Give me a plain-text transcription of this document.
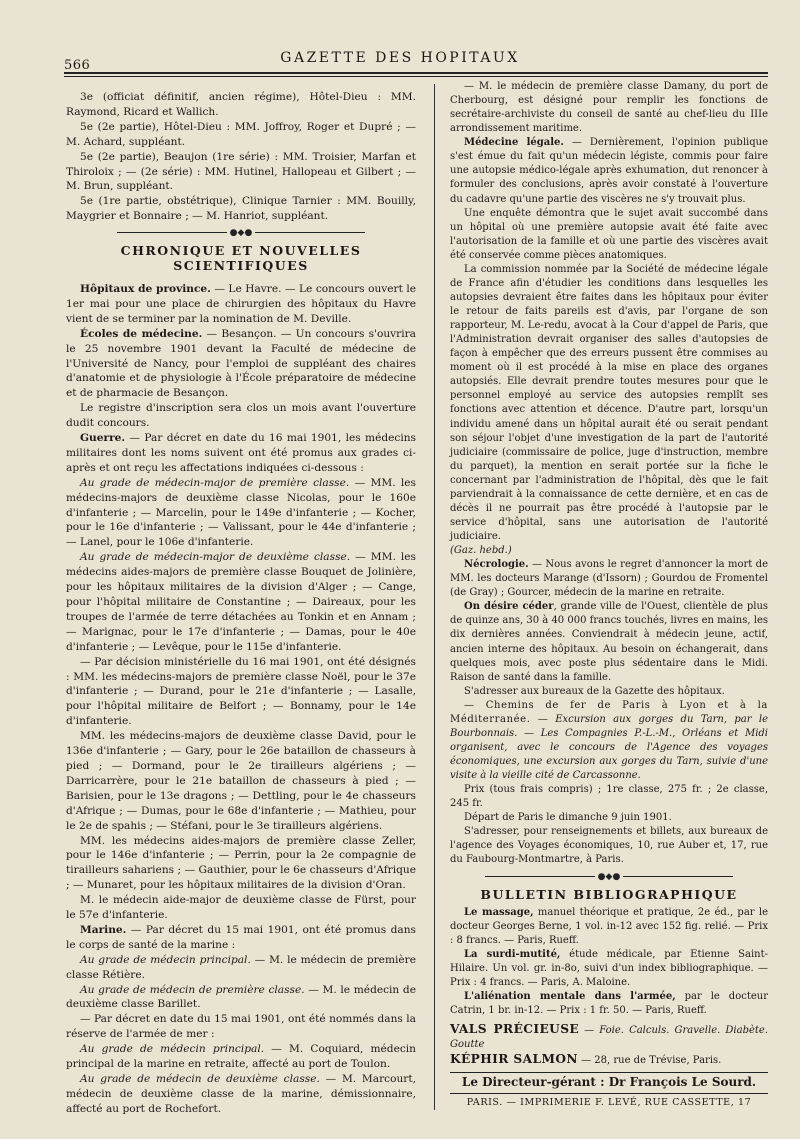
566	GAZETTE DES HOPITAUX

3e (officiat définitif, ancien régime), Hôtel-Dieu : MM. Raymond, Ricard et Wallich.

5e (2e partie), Hôtel-Dieu : MM. Joffroy, Roger et Dupré ; — M. Achard, suppléant.

5e (2e partie), Beaujon (1re série) : MM. Troisier, Marfan et Thiroloix ; — (2e série) : MM. Hutinel, Hallopeau et Gilbert ; — M. Brun, suppléant.

5e (1re partie, obstétrique), Clinique Tarnier : MM. Bouilly, Maygrier et Bonnaire ; — M. Hanriot, suppléant.

●◆●

CHRONIQUE ET NOUVELLES SCIENTIFIQUES

Hôpitaux de province. — Le Havre. — Le concours ouvert le 1er mai pour une place de chirurgien des hôpitaux du Havre vient de se terminer par la nomination de M. Deville.

Écoles de médecine. — Besançon. — Un concours s'ouvrira le 25 novembre 1901 devant la Faculté de médecine de l'Université de Nancy, pour l'emploi de suppléant des chaires d'anatomie et de physiologie à l'École préparatoire de médecine et de pharmacie de Besançon.

Le registre d'inscription sera clos un mois avant l'ouverture dudit concours.

Guerre. — Par décret en date du 16 mai 1901, les médecins militaires dont les noms suivent ont été promus aux grades ci-après et ont reçu les affectations indiquées ci-dessous :

Au grade de médecin-major de première classe. — MM. les médecins-majors de deuxième classe Nicolas, pour le 160e d'infanterie ; — Marcelin, pour le 149e d'infanterie ; — Kocher, pour le 16e d'infanterie ; — Valissant, pour le 44e d'infanterie ; — Lanel, pour le 106e d'infanterie.

Au grade de médecin-major de deuxième classe. — MM. les médecins aides-majors de première classe Bouquet de Jolinière, pour les hôpitaux militaires de la division d'Alger ; — Cange, pour l'hôpital militaire de Constantine ; — Daireaux, pour les troupes de l'armée de terre détachées au Tonkin et en Annam ; — Marignac, pour le 17e d'infanterie ; — Damas, pour le 40e d'infanterie ; — Levêque, pour le 115e d'infanterie.

— Par décision ministérielle du 16 mai 1901, ont été désignés : MM. les médecins-majors de première classe Noël, pour le 37e d'infanterie ; — Durand, pour le 21e d'infanterie ; — Lasalle, pour l'hôpital militaire de Belfort ; — Bonnamy, pour le 14e d'infanterie.

MM. les médecins-majors de deuxième classe David, pour le 136e d'infanterie ; — Gary, pour le 26e bataillon de chasseurs à pied ; — Dormand, pour le 2e tirailleurs algériens ; — Darricarrère, pour le 21e bataillon de chasseurs à pied ; — Barisien, pour le 13e dragons ; — Dettling, pour le 4e chasseurs d'Afrique ; — Dumas, pour le 68e d'infanterie ; — Mathieu, pour le 2e de spahis ; — Stéfani, pour le 3e tirailleurs algériens.

MM. les médecins aides-majors de première classe Zeller, pour le 146e d'infanterie ; — Perrin, pour la 2e compagnie de tirailleurs sahariens ; — Gauthier, pour le 6e chasseurs d'Afrique ; — Munaret, pour les hôpitaux militaires de la division d'Oran.

M. le médecin aide-major de deuxième classe de Fürst, pour le 57e d'infanterie.

Marine. — Par décret du 15 mai 1901, ont été promus dans le corps de santé de la marine :

Au grade de médecin principal. — M. le médecin de première classe Rétière.

Au grade de médecin de première classe. — M. le médecin de deuxième classe Barillet.

— Par décret en date du 15 mai 1901, ont été nommés dans la réserve de l'armée de mer :

Au grade de médecin principal. — M. Coquiard, médecin principal de la marine en retraite, affecté au port de Toulon.

Au grade de médecin de deuxième classe. — M. Marcourt, médecin de deuxième classe de la marine, démissionnaire, affecté au port de Rochefort.

— M. le médecin de première classe Damany, du port de Cherbourg, est désigné pour remplir les fonctions de secrétaire-archiviste du conseil de santé au chef-lieu du IIIe arrondissement maritime.

Médecine légale. — Dernièrement, l'opinion publique s'est émue du fait qu'un médecin légiste, commis pour faire une autopsie médico-légale après exhumation, dut renoncer à formuler des conclusions, après avoir constaté à l'ouverture du cadavre qu'une partie des viscères ne s'y trouvait plus.

Une enquête démontra que le sujet avait succombé dans un hôpital où une première autopsie avait été faite avec l'autorisation de la famille et où une partie des viscères avait été conservée comme pièces anatomiques.

La commission nommée par la Société de médecine légale de France afin d'étudier les conditions dans lesquelles les autopsies devraient être faites dans les hôpitaux pour éviter le retour de faits pareils est d'avis, par l'organe de son rapporteur, M. Le-redu, avocat à la Cour d'appel de Paris, que l'Administration devrait organiser des salles d'autopsies de façon à empêcher que des erreurs pussent être commises au moment où il est procédé à la mise en place des organes autopsiés. Elle devrait prendre toutes mesures pour que le personnel employé au service des autopsies remplît ses fonctions avec attention et décence. D'autre part, lorsqu'un individu amené dans un hôpital aurait été ou serait pendant son séjour l'objet d'une investigation de la part de l'autorité judiciaire (commissaire de police, juge d'instruction, membre du parquet), la mention en serait portée sur la fiche le concernant par l'administration de l'hôpital, dès que le fait parviendrait à la connaissance de cette dernière, et en cas de décès il ne pourrait pas être procédé à l'autopsie par le service d'hôpital, sans une autorisation de l'autorité judiciaire.

(Gaz. hebd.)

Nécrologie. — Nous avons le regret d'annoncer la mort de MM. les docteurs Marange (d'Issorn) ; Gourdou de Fromentel (de Gray) ; Gourcer, médecin de la marine en retraite.

On désire céder, grande ville de l'Ouest, clientèle de plus de quinze ans, 30 à 40 000 francs touchés, livres en mains, les dix dernières années. Conviendrait à médecin jeune, actif, ancien interne des hôpitaux. Au besoin on échangerait, dans quelques mois, avec poste plus sédentaire dans le Midi. Raison de santé dans la famille.

S'adresser aux bureaux de la Gazette des hôpitaux.

— Chemins de fer de Paris à Lyon et à la Méditerranée. — Excursion aux gorges du Tarn, par le Bourbonnais. — Les Compagnies P.-L.-M., Orléans et Midi organisent, avec le concours de l'Agence des voyages économiques, une excursion aux gorges du Tarn, suivie d'une visite à la vieille cité de Carcassonne.

Prix (tous frais compris) ; 1re classe, 275 fr. ; 2e classe, 245 fr.

Départ de Paris le dimanche 9 juin 1901.

S'adresser, pour renseignements et billets, aux bureaux de l'agence des Voyages économiques, 10, rue Auber et, 17, rue du Faubourg-Montmartre, à Paris.

●◆●

BULLETIN BIBLIOGRAPHIQUE

Le massage, manuel théorique et pratique, 2e éd., par le docteur Georges Berne, 1 vol. in-12 avec 152 fig. relié. — Prix : 8 francs. — Paris, Rueff.

La surdi-mutité, étude médicale, par Etienne Saint-Hilaire. Un vol. gr. in-8o, suivi d'un index bibliographique. — Prix : 4 francs. — Paris, A. Maloine.

L'aliénation mentale dans l'armée, par le docteur Catrin, 1 br. in-12. — Prix : 1 fr. 50. — Paris, Rueff.

VALS PRÉCIEUSE — Foie. Calculs. Gravelle. Diabète. Goutte

KÉPHIR SALMON — 28, rue de Trévise, Paris.

Le Directeur-gérant : Dr François Le Sourd.

PARIS. — IMPRIMERIE F. LEVÉ, RUE CASSETTE, 17
